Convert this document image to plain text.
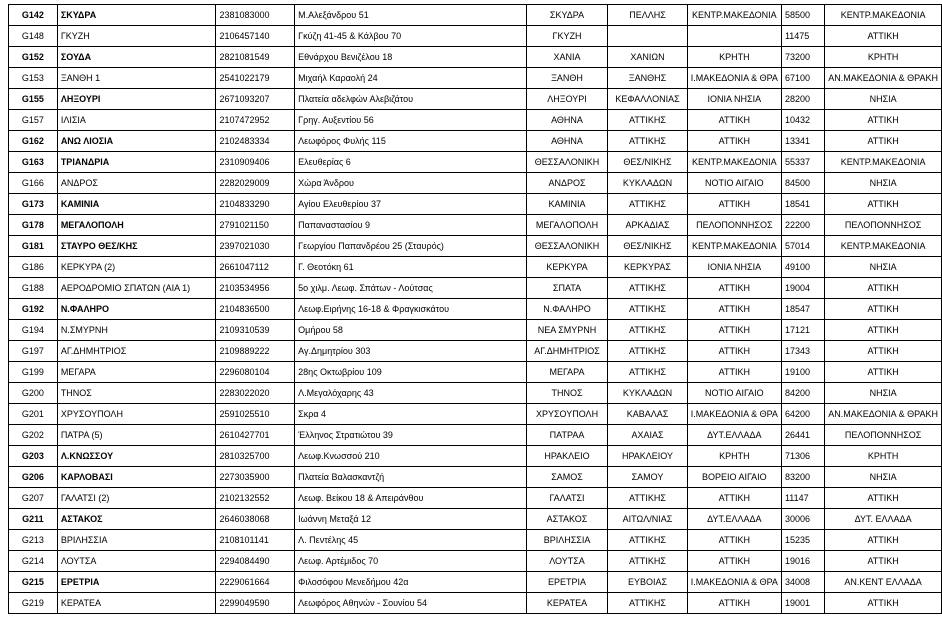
G142	ΣΚΥΔΡΑ	2381083000	Μ.Αλεξάνδρου 51	ΣΚΥΔΡΑ	ΠΕΛΛΗΣ	ΚΕΝΤΡ.ΜΑΚΕΔΟΝΙΑ	58500	ΚΕΝΤΡ.ΜΑΚΕΔΟΝΙΑ
G148	ΓΚΥΖΗ	2106457140	Γκύζη 41-45 & Κάλβου 70	ΓΚΥΖΗ			11475	ΑΤΤΙΚΗ
G152	ΣΟΥΔΑ	2821081549	Εθνάρχου Βενιζέλου 18	ΧΑΝΙΑ	ΧΑΝΙΩΝ	ΚΡΗΤΗ	73200	ΚΡΗΤΗ
G153	ΞΑΝΘΗ 1	2541022179	Μιχαήλ Καραολή 24	ΞΑΝΘΗ	ΞΑΝΘΗΣ	Ι.ΜΑΚΕΔΟΝΙΑ & ΘΡΑ	67100	ΑΝ.ΜΑΚΕΔΟΝΙΑ & ΘΡΑΚΗ
G155	ΛΗΞΟΥΡΙ	2671093207	Πλατεία αδελφών Αλεβιζάτου	ΛΗΞΟΥΡΙ	ΚΕΦΑΛΛΟΝΙΑΣ	ΙΟΝΙΑ ΝΗΣΙΑ	28200	ΝΗΣΙΑ
G157	ΙΛΙΣΙΑ	2107472952	Γρηγ. Αυξεντίου 56	ΑΘΗΝΑ	ΑΤΤΙΚΗΣ	ΑΤΤΙΚΗ	10432	ΑΤΤΙΚΗ
G162	ΑΝΩ ΛΙΟΣΙΑ	2102483334	Λεωφόρος Φυλής 115	ΑΘΗΝΑ	ΑΤΤΙΚΗΣ	ΑΤΤΙΚΗ	13341	ΑΤΤΙΚΗ
G163	ΤΡΙΑΝΔΡΙΑ	2310909406	Ελευθερίας 6	ΘΕΣΣΑΛΟΝΙΚΗ	ΘΕΣ/ΝΙΚΗΣ	ΚΕΝΤΡ.ΜΑΚΕΔΟΝΙΑ	55337	ΚΕΝΤΡ.ΜΑΚΕΔΟΝΙΑ
G166	ΑΝΔΡΟΣ	2282029009	Χώρα Άνδρου	ΑΝΔΡΟΣ	ΚΥΚΛΑΔΩΝ	ΝΟΤΙΟ ΑΙΓΑΙΟ	84500	ΝΗΣΙΑ
G173	ΚΑΜΙΝΙΑ	2104833290	Αγίου Ελευθερίου 37	ΚΑΜΙΝΙΑ	ΑΤΤΙΚΗΣ	ΑΤΤΙΚΗ	18541	ΑΤΤΙΚΗ
G178	ΜΕΓΑΛΟΠΟΛΗ	2791021150	Παπαναστασίου 9	ΜΕΓΑΛΟΠΟΛΗ	ΑΡΚΑΔΙΑΣ	ΠΕΛΟΠΟΝΝΗΣΟΣ	22200	ΠΕΛΟΠΟΝΝΗΣΟΣ
G181	ΣΤΑΥΡΟ ΘΕΣ/ΚΗΣ	2397021030	Γεωργίου Παπανδρέου 25 (Σταυρός)	ΘΕΣΣΑΛΟΝΙΚΗ	ΘΕΣ/ΝΙΚΗΣ	ΚΕΝΤΡ.ΜΑΚΕΔΟΝΙΑ	57014	ΚΕΝΤΡ.ΜΑΚΕΔΟΝΙΑ
G186	ΚΕΡΚΥΡΑ (2)	2661047112	Γ. Θεοτόκη 61	ΚΕΡΚΥΡΑ	ΚΕΡΚΥΡΑΣ	ΙΟΝΙΑ ΝΗΣΙΑ	49100	ΝΗΣΙΑ
G188	ΑΕΡΟΔΡΟΜΙΟ ΣΠΑΤΩΝ (ΑΙΑ 1)	2103534956	5ο χιλμ. Λεωφ. Σπάτων - Λούτσας	ΣΠΑΤΑ	ΑΤΤΙΚΗΣ	ΑΤΤΙΚΗ	19004	ΑΤΤΙΚΗ
G192	Ν.ΦΑΛΗΡΟ	2104836500	Λεωφ.Ειρήνης 16-18 & Φραγκισκάτου	Ν.ΦΑΛΗΡΟ	ΑΤΤΙΚΗΣ	ΑΤΤΙΚΗ	18547	ΑΤΤΙΚΗ
G194	Ν.ΣΜΥΡΝΗ	2109310539	Ομήρου 58	ΝΕΑ ΣΜΥΡΝΗ	ΑΤΤΙΚΗΣ	ΑΤΤΙΚΗ	17121	ΑΤΤΙΚΗ
G197	ΑΓ.ΔΗΜΗΤΡΙΟΣ	2109889222	Αγ.Δημητρίου 303	ΑΓ.ΔΗΜΗΤΡΙΟΣ	ΑΤΤΙΚΗΣ	ΑΤΤΙΚΗ	17343	ΑΤΤΙΚΗ
G199	ΜΕΓΑΡΑ	2296080104	28ης Οκτωβρίου 109	ΜΕΓΑΡΑ	ΑΤΤΙΚΗΣ	ΑΤΤΙΚΗ	19100	ΑΤΤΙΚΗ
G200	ΤΗΝΟΣ	2283022020	Λ.Μεγαλόχαρης 43	ΤΗΝΟΣ	ΚΥΚΛΑΔΩΝ	ΝΟΤΙΟ ΑΙΓΑΙΟ	84200	ΝΗΣΙΑ
G201	ΧΡΥΣΟΥΠΟΛΗ	2591025510	Σκρα 4	ΧΡΥΣΟΥΠΟΛΗ	ΚΑΒΑΛΑΣ	Ι.ΜΑΚΕΔΟΝΙΑ & ΘΡΑ	64200	ΑΝ.ΜΑΚΕΔΟΝΙΑ & ΘΡΑΚΗ
G202	ΠΑΤΡΑ (5)	2610427701	Έλληνος Στρατιώτου 39	ΠΑΤΡΑΑ	ΑΧΑΙΑΣ	ΔΥΤ.ΕΛΛΑΔΑ	26441	ΠΕΛΟΠΟΝΝΗΣΟΣ
G203	Λ.ΚΝΩΣΣΟΥ	2810325700	Λεωφ.Κνωσσού 210	ΗΡΑΚΛΕΙΟ	ΗΡΑΚΛΕΙΟΥ	ΚΡΗΤΗ	71306	ΚΡΗΤΗ
G206	ΚΑΡΛΟΒΑΣΙ	2273035900	Πλατεία Βαλασκαντζή	ΣΑΜΟΣ	ΣΑΜΟΥ	ΒΟΡΕΙΟ ΑΙΓΑΙΟ	83200	ΝΗΣΙΑ
G207	ΓΑΛΑΤΣΙ (2)	2102132552	Λεωφ. Βείκου 18 & Απειράνθου	ΓΑΛΑΤΣΙ	ΑΤΤΙΚΗΣ	ΑΤΤΙΚΗ	11147	ΑΤΤΙΚΗ
G211	ΑΣΤΑΚΟΣ	2646038068	Ιωάννη Μεταξά 12	ΑΣΤΑΚΟΣ	ΑΙΤΩΛ/ΝΙΑΣ	ΔΥΤ.ΕΛΛΑΔΑ	30006	ΔΥΤ. ΕΛΛΑΔΑ
G213	ΒΡΙΛΗΣΣΙΑ	2108101141	Λ. Πεντέλης 45	ΒΡΙΛΗΣΣΙΑ	ΑΤΤΙΚΗΣ	ΑΤΤΙΚΗ	15235	ΑΤΤΙΚΗ
G214	ΛΟΥΤΣΑ	2294084490	Λεωφ. Αρτέμιδος 70	ΛΟΥΤΣΑ	ΑΤΤΙΚΗΣ	ΑΤΤΙΚΗ	19016	ΑΤΤΙΚΗ
G215	ΕΡΕΤΡΙΑ	2229061664	Φιλοσόφου Μενεδήμου 42α	ΕΡΕΤΡΙΑ	ΕΥΒΟΙΑΣ	Ι.ΜΑΚΕΔΟΝΙΑ & ΘΡΑ	34008	ΑΝ.ΚΕΝΤ ΕΛΛΑΔΑ
G219	ΚΕΡΑΤΕΑ	2299049590	Λεωφόρος Αθηνών - Σουνίου 54	ΚΕΡΑΤΕΑ	ΑΤΤΙΚΗΣ	ΑΤΤΙΚΗ	19001	ΑΤΤΙΚΗ
